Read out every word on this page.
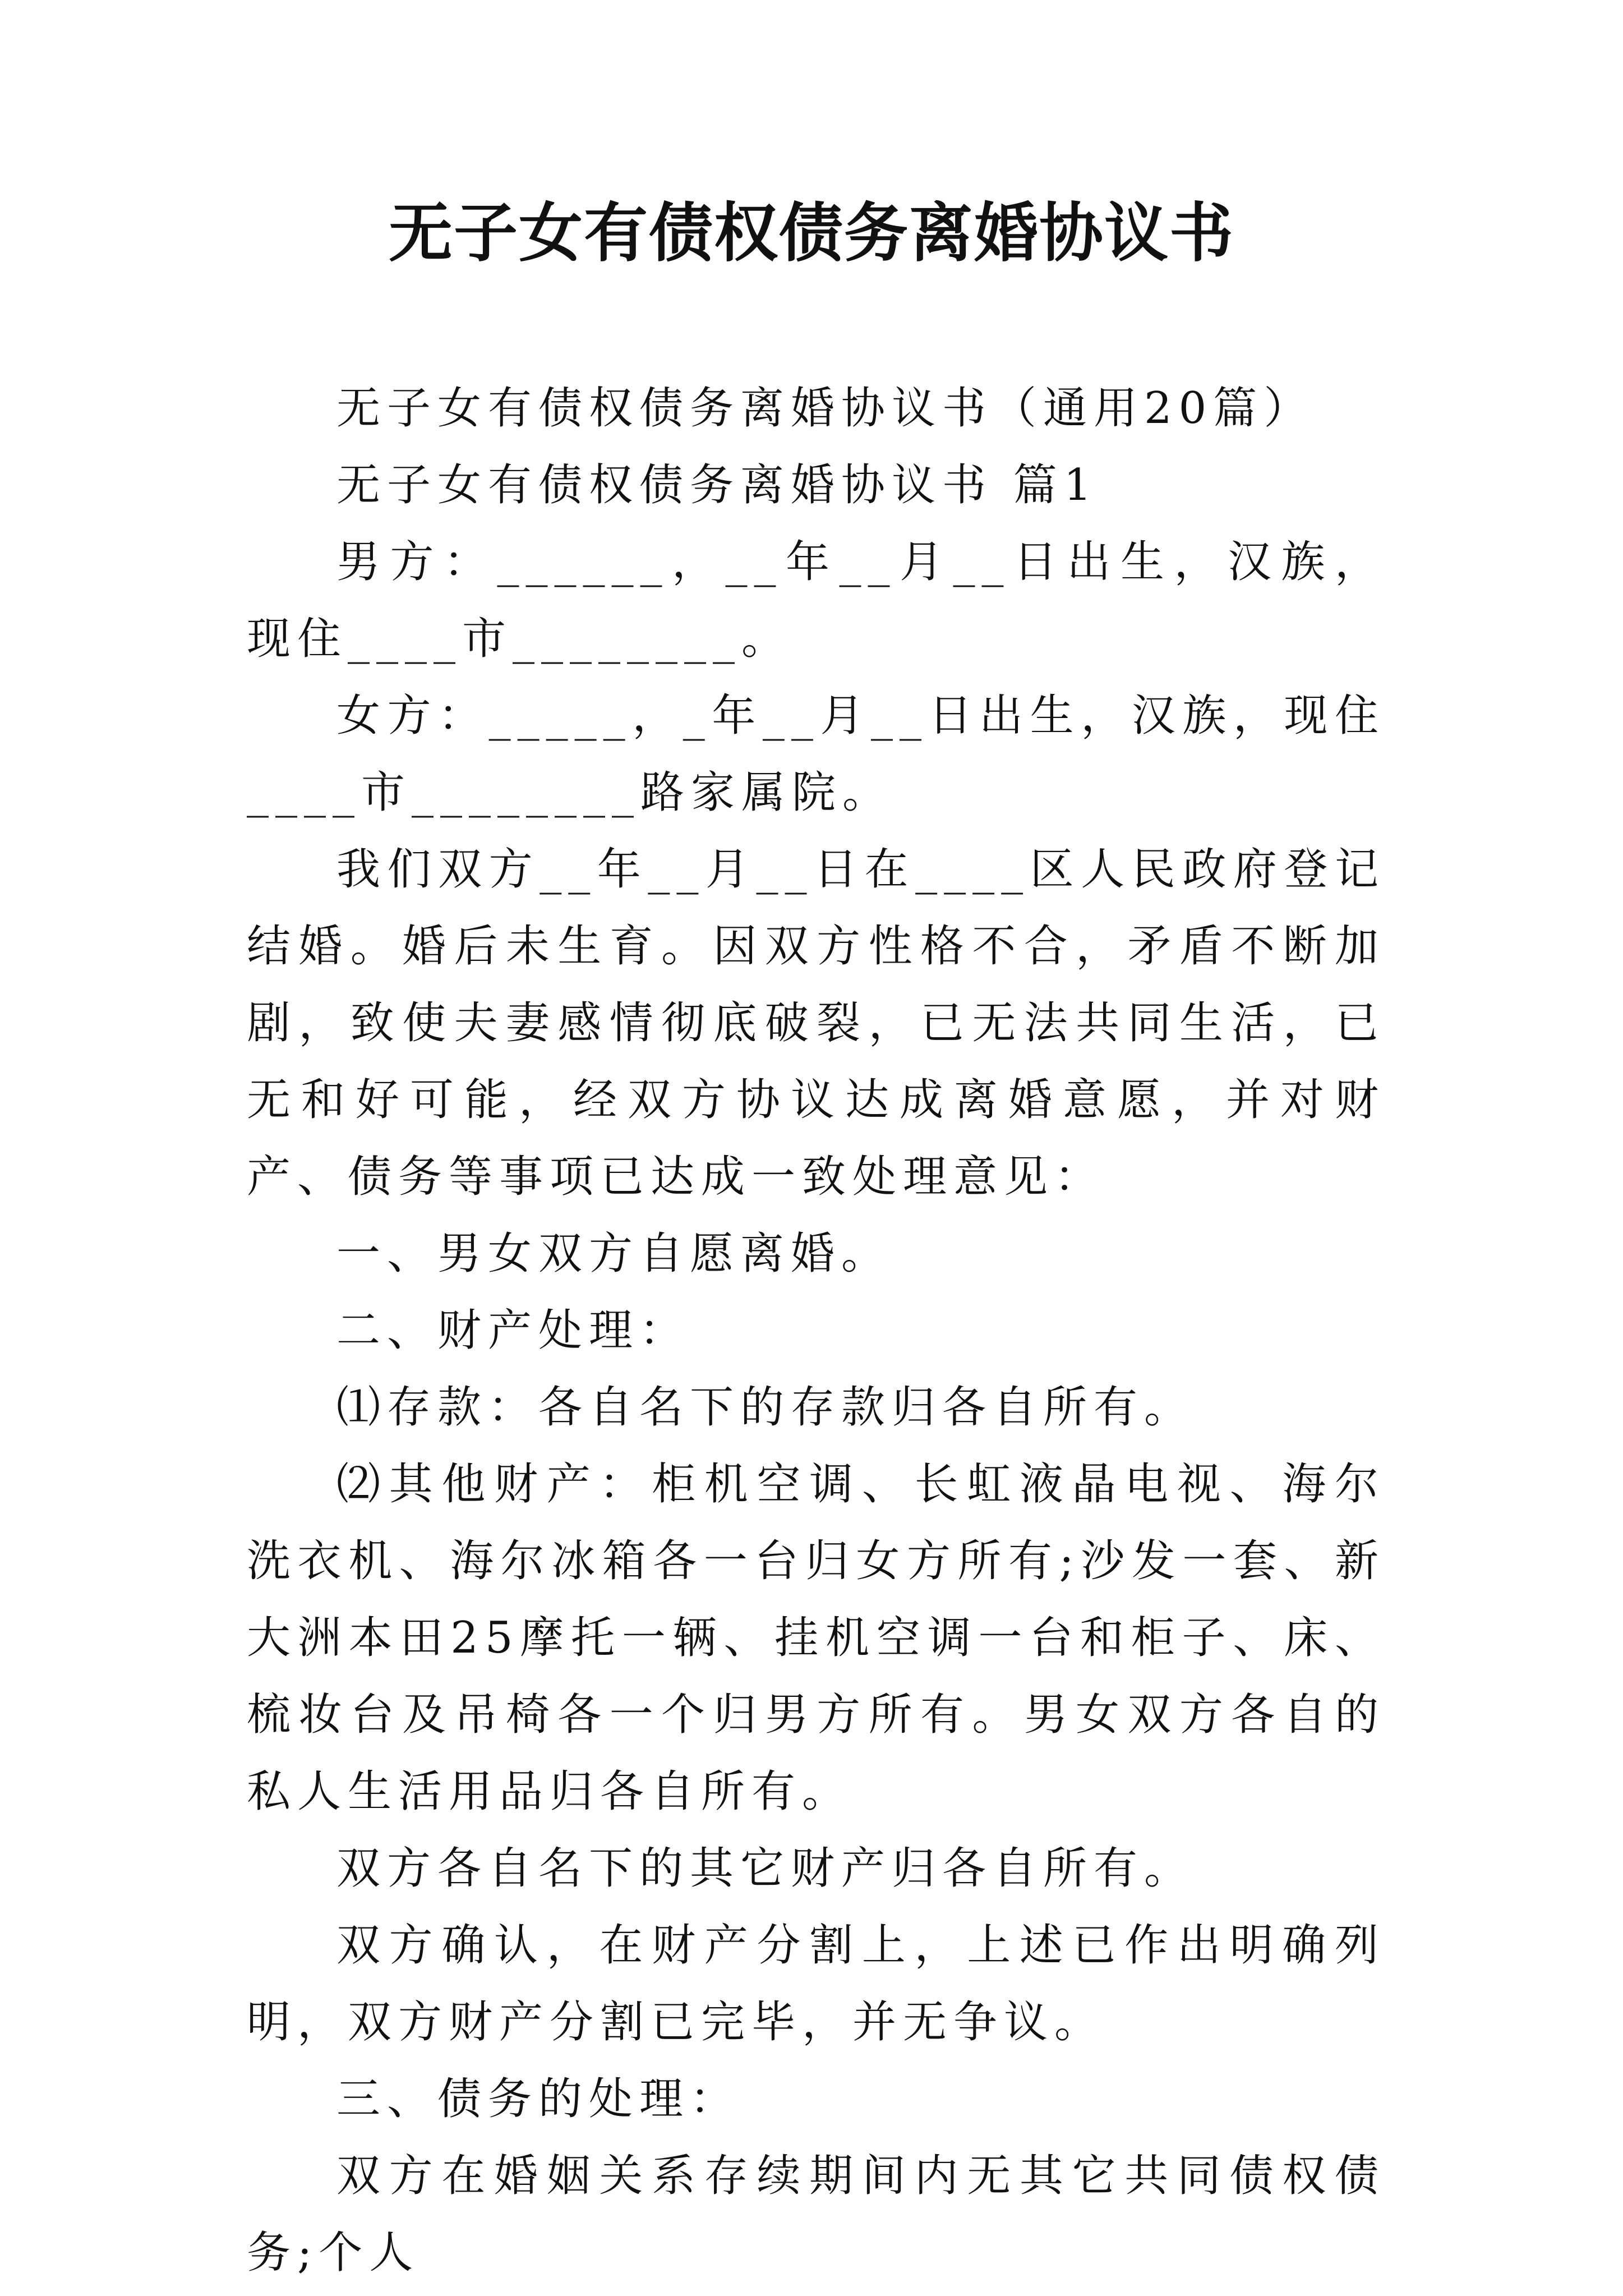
无子女有债权债务离婚协议书

无子女有债权债务离婚协议书（通用20篇）

无子女有债权债务离婚协议书 篇1

男方：______，__年__月__日出生，汉族，现住____市________。

女方：_____，_年__月__日出生，汉族，现住____市________路家属院。

我们双方__年__月__日在____区人民政府登记结婚。婚后未生育。因双方性格不合，矛盾不断加剧，致使夫妻感情彻底破裂，已无法共同生活，已无和好可能，经双方协议达成离婚意愿，并对财产、债务等事项已达成一致处理意见：

一、男女双方自愿离婚。

二、财产处理：

⑴存款：各自名下的存款归各自所有。

⑵其他财产：柜机空调、长虹液晶电视、海尔洗衣机、海尔冰箱各一台归女方所有;沙发一套、新大洲本田25摩托一辆、挂机空调一台和柜子、床、梳妆台及吊椅各一个归男方所有。男女双方各自的私人生活用品归各自所有。

双方各自名下的其它财产归各自所有。

双方确认，在财产分割上，上述已作出明确列明，双方财产分割已完毕，并无争议。

三、债务的处理：

双方在婚姻关系存续期间内无其它共同债权债务;个人
